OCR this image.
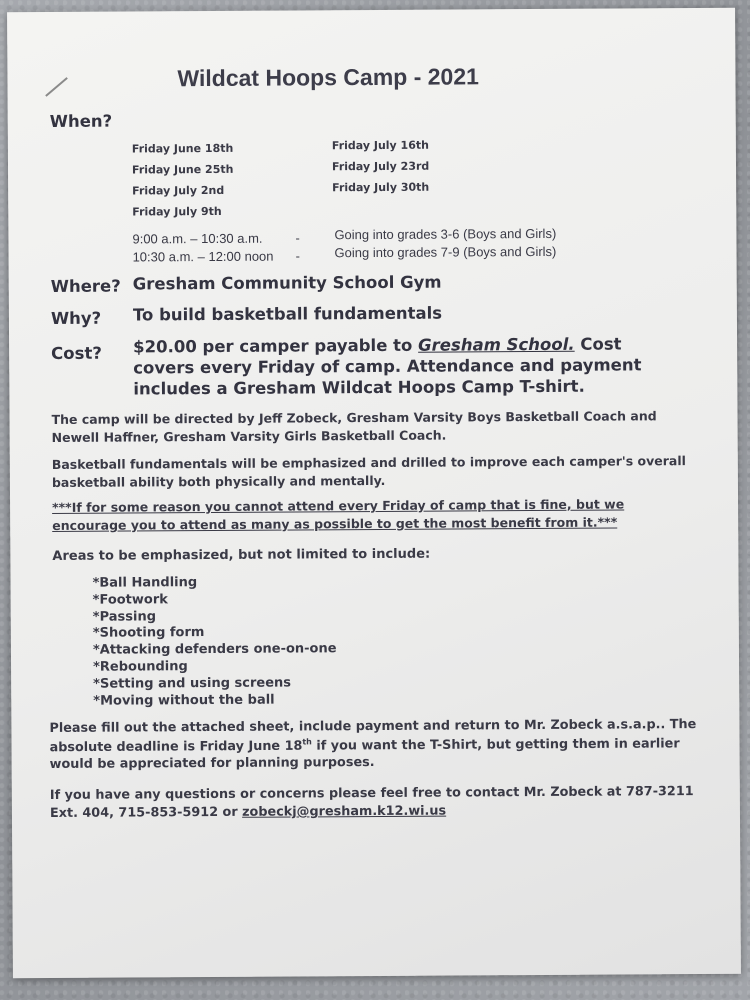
Wildcat Hoops Camp - 2021
When?
Friday June 18th
Friday June 25th
Friday July 2nd
Friday July 9th
Friday July 16th
Friday July 23rd
Friday July 30th
9:00 a.m. – 10:30 a.m.	-	Going into grades 3-6 (Boys and Girls)
10:30 a.m. – 12:00 noon -	Going into grades 7-9 (Boys and Girls)
Where? Gresham Community School Gym
Why? To build basketball fundamentals
Cost? $20.00 per camper payable to Gresham School. Cost
covers every Friday of camp. Attendance and payment
includes a Gresham Wildcat Hoops Camp T-shirt.
The camp will be directed by Jeff Zobeck, Gresham Varsity Boys Basketball Coach and
Newell Haffner, Gresham Varsity Girls Basketball Coach.
Basketball fundamentals will be emphasized and drilled to improve each camper's overall
basketball ability both physically and mentally.
***If for some reason you cannot attend every Friday of camp that is fine, but we
encourage you to attend as many as possible to get the most benefit from it.***
Areas to be emphasized, but not limited to include:
*Ball Handling
*Footwork
*Passing
*Shooting form
*Attacking defenders one-on-one
*Rebounding
*Setting and using screens
*Moving without the ball
Please fill out the attached sheet, include payment and return to Mr. Zobeck a.s.a.p.. The
absolute deadline is Friday June 18th if you want the T-Shirt, but getting them in earlier
would be appreciated for planning purposes.
If you have any questions or concerns please feel free to contact Mr. Zobeck at 787-3211
Ext. 404, 715-853-5912 or zobeckj@gresham.k12.wi.us
